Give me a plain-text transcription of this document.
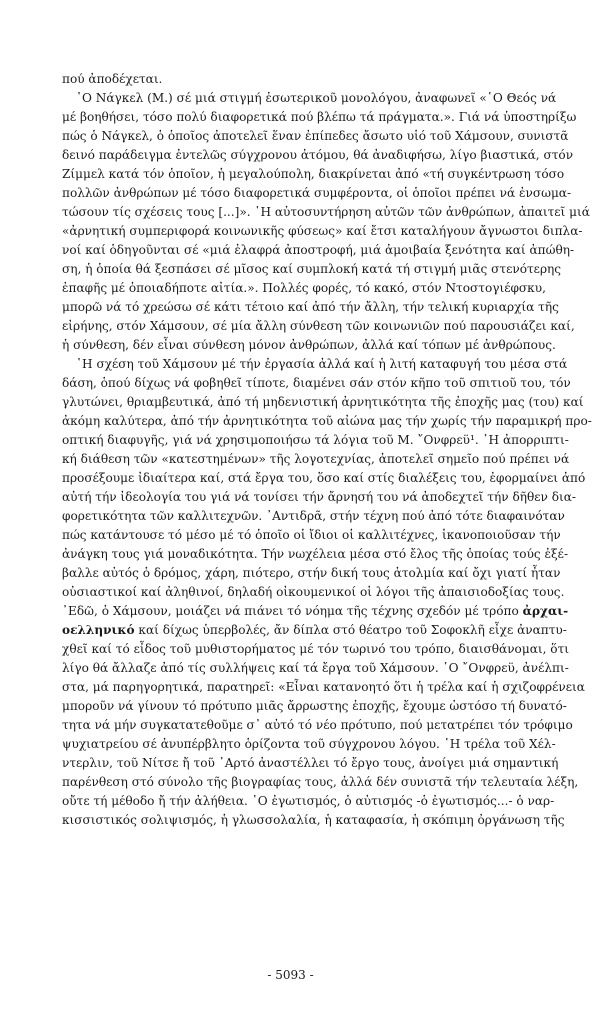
πού ἀποδέχεται.
῾Ο Νάγκελ (Μ.) σέ μιά στιγμή ἐσωτερικοῦ μονολόγου, ἀναφωνεῖ «῾Ο Θεός νά
μέ βοηθήσει, τόσο πολύ διαφορετικά πού βλέπω τά πράγματα.». Γιά νά ὑποστηρίξω
πώς ὁ Νάγκελ, ὁ ὁποῖος ἀποτελεῖ ἕναν ἐπίπεδες ἄσωτο υἱό τοῦ Χάμσουν, συνιστᾶ
δεινό παράδειγμα ἐντελῶς σύγχρονου ἀτόμου, θά ἀναδιφήσω, λίγο βιαστικά, στόν
Ζίμμελ κατά τόν ὁποῖον, ἡ μεγαλούπολη, διακρίνεται ἀπό «τή συγκέντρωση τόσο
πολλῶν ἀνθρώπων μέ τόσο διαφορετικά συμφέροντα, οἱ ὁποῖοι πρέπει νά ἐνσωμα-
τώσουν τίς σχέσεις τους [...]». ῾Η αὐτοσυντήρηση αὐτῶν τῶν ἀνθρώπων, ἀπαιτεῖ μιά
«ἀρνητική συμπεριφορά κοινωνικῆς φύσεως» καί ἔτσι καταλήγουν ἄγνωστοι διπλα-
νοί καί ὁδηγοῦνται σέ «μιά ἐλαφρά ἀποστροφή, μιά ἀμοιβαία ξενότητα καί ἀπώθη-
ση, ἡ ὁποία θά ξεσπάσει σέ μῖσος καί συμπλοκή κατά τή στιγμή μιᾶς στενότερης
ἐπαφῆς μέ ὁποιαδήποτε αἰτία.». Πολλές φορές, τό κακό, στόν Ντοστογιέφσκυ,
μπορῶ νά τό χρεώσω σέ κάτι τέτοιο καί ἀπό τήν ἄλλη, τήν τελική κυριαρχία τῆς
εἰρήνης, στόν Χάμσουν, σέ μία ἄλλη σύνθεση τῶν κοινωνιῶν πού παρουσιάζει καί,
ἡ σύνθεση, δέν εἶναι σύνθεση μόνον ἀνθρώπων, ἀλλά καί τόπων μέ ἀνθρώπους.
῾Η σχέση τοῦ Χάμσουν μέ τήν ἐργασία ἀλλά καί ἡ λιτή καταφυγή του μέσα στά
δάση, ὁπού δίχως νά φοβηθεῖ τίποτε, διαμένει σάν στόν κῆπο τοῦ σπιτιοῦ του, τόν
γλυτώνει, θριαμβευτικά, ἀπό τή μηδενιστική ἀρνητικότητα τῆς ἐποχῆς μας (του) καί
ἀκόμη καλύτερα, ἀπό τήν ἀρνητικότητα τοῦ αἰώνα μας τήν χωρίς τήν παραμικρή προ-
οπτική διαφυγῆς, γιά νά χρησιμοποιήσω τά λόγια τοῦ Μ. ῎Ονφρεϋ¹. ῾Η ἀπορριπτι-
κή διάθεση τῶν «κατεστημένων» τῆς λογοτεχνίας, ἀποτελεῖ σημεῖο πού πρέπει νά
προσέξουμε ἰδιαίτερα καί, στά ἔργα του, ὅσο καί στίς διαλέξεις του, ἐφορμαίνει ἀπό
αὐτή τήν ἰδεολογία του γιά νά τονίσει τήν ἄρνησή του νά ἀποδεχτεῖ τήν δῆθεν δια-
φορετικότητα τῶν καλλιτεχνῶν. ᾿Αντιδρᾶ, στήν τέχνη πού ἀπό τότε διαφαινόταν
πώς κατάντουσε τό μέσο μέ τό ὁποῖο οἱ ἴδιοι οἱ καλλιτέχνες, ἱκανοποιοῦσαν τήν
ἀνάγκη τους γιά μοναδικότητα. Τήν νωχέλεια μέσα στό ἔλος τῆς ὁποίας τούς ἐξέ-
βαλλε αὐτός ὁ δρόμος, χάρη, πιότερο, στήν δική τους ἀτολμία καί ὄχι γιατί ἦταν
οὐσιαστικοί καί ἀληθινοί, δηλαδή οἰκουμενικοί οἱ λόγοι τῆς ἀπαισιοδοξίας τους.
᾿Εδῶ, ὁ Χάμσουν, μοιάζει νά πιάνει τό νόημα τῆς τέχνης σχεδόν μέ τρόπο ἀρχαι-
οελληνικό καί δίχως ὑπερβολές, ἄν δίπλα στό θέατρο τοῦ Σοφοκλῆ εἶχε ἀναπτυ-
χθεῖ καί τό εἶδος τοῦ μυθιστορήματος μέ τόν τωρινό του τρόπο, διαισθάνομαι, ὅτι
λίγο θά ἄλλαζε ἀπό τίς συλλήψεις καί τά ἔργα τοῦ Χάμσουν. ῾Ο ῎Ονφρεϋ, ἀνέλπι-
στα, μά παρηγορητικά, παρατηρεῖ: «Εἶναι κατανοητό ὅτι ἡ τρέλα καί ἡ σχιζοφρένεια
μποροῦν νά γίνουν τό πρότυπο μιᾶς ἄρρωστης ἐποχῆς, ἔχουμε ὡστόσο τή δυνατό-
τητα νά μήν συγκατατεθοῦμε σ᾿ αὐτό τό νέο πρότυπο, πού μετατρέπει τόν τρόφιμο
ψυχιατρείου σέ ἀνυπέρβλητο ὁρίζοντα τοῦ σύγχρονου λόγου. ῾Η τρέλα τοῦ Χέλ-
ντερλιν, τοῦ Νίτσε ἤ τοῦ ᾿Αρτό ἀναστέλλει τό ἔργο τους, ἀνοίγει μιά σημαντική
παρένθεση στό σύνολο τῆς βιογραφίας τους, ἀλλά δέν συνιστᾶ τήν τελευταία λέξη,
οὔτε τή μέθοδο ἤ τήν ἀλήθεια. ῾Ο ἐγωτισμός, ὁ αὐτισμός -ὁ ἐγωτισμός...- ὁ ναρ-
κισσιστικός σολιψισμός, ἡ γλωσσολαλία, ἡ καταφασία, ἡ σκόπιμη ὀργάνωση τῆς
- 5093 -
